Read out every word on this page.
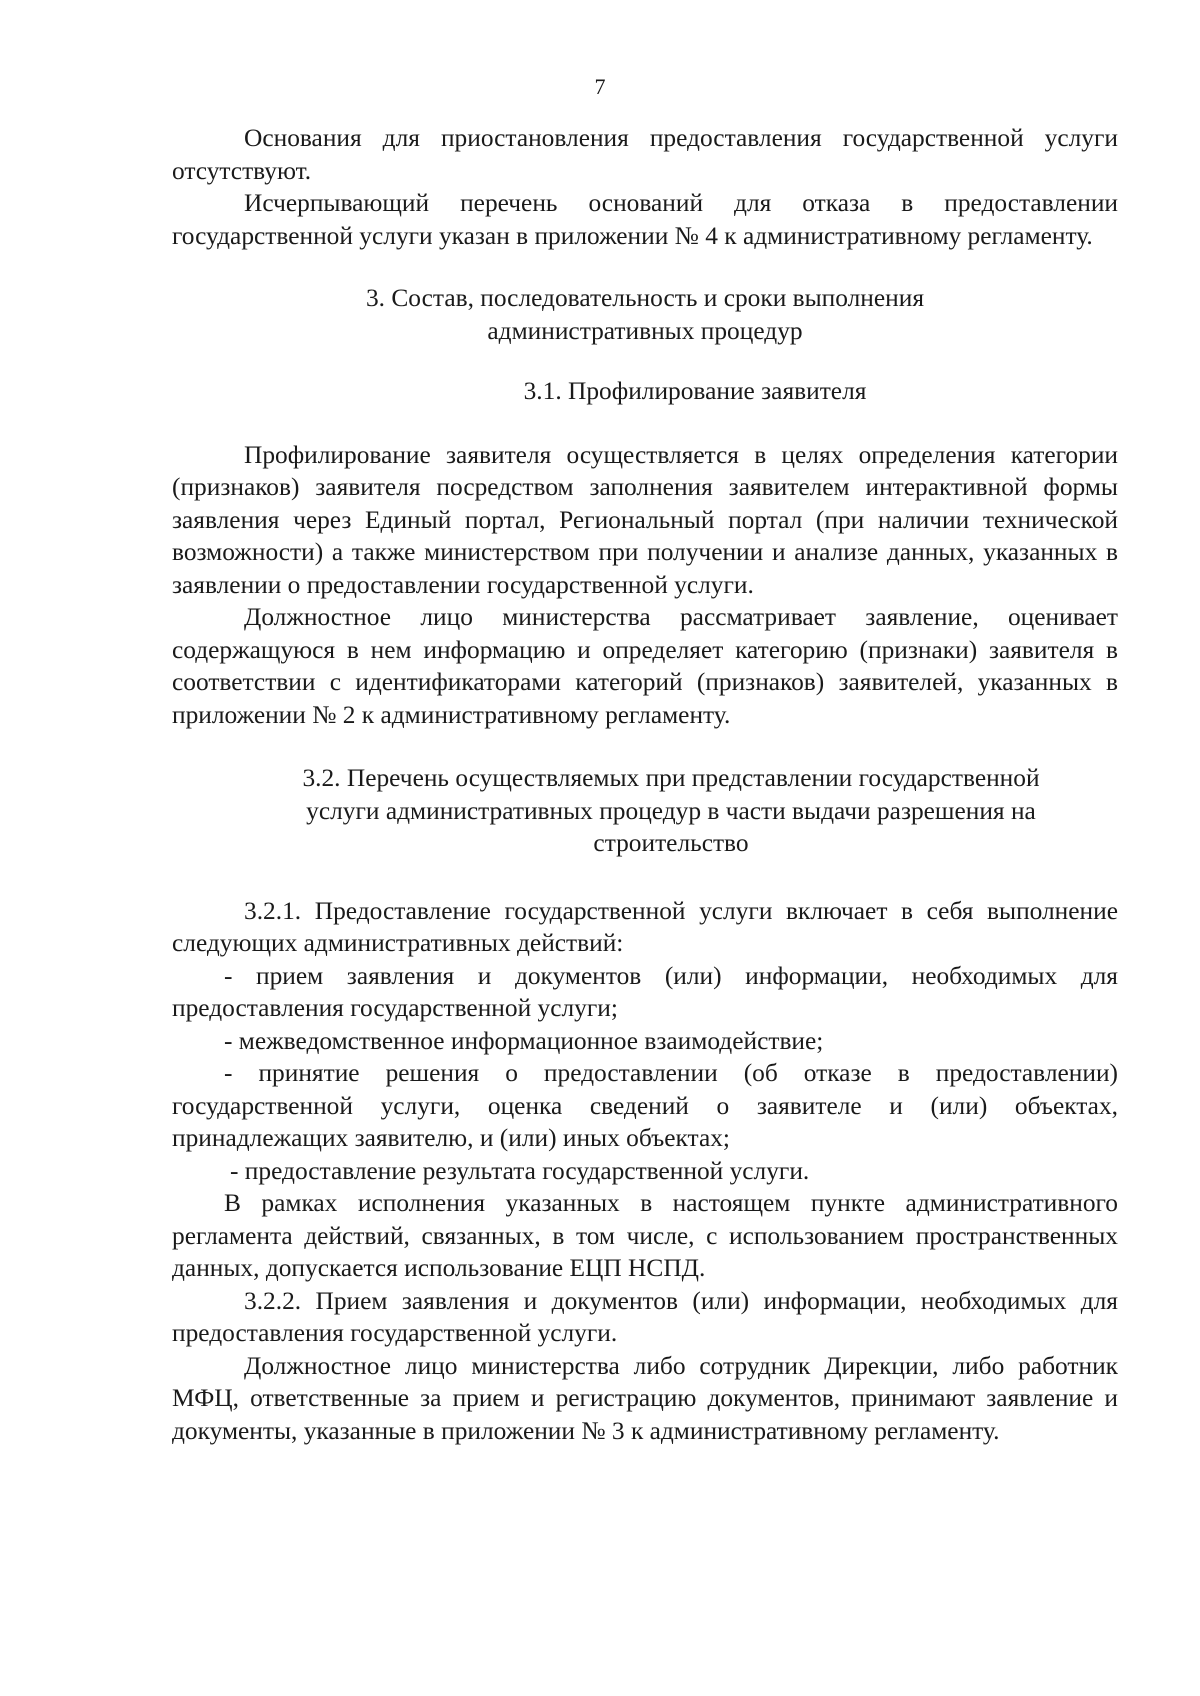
7

Основания для приостановления предоставления государственной услуги отсутствуют.

Исчерпывающий перечень оснований для отказа в предоставлении государственной услуги указан в приложении № 4 к административному регламенту.

3. Состав, последовательность и сроки выполнения

административных процедур

3.1. Профилирование заявителя

Профилирование заявителя осуществляется в целях определения категории (признаков) заявителя посредством заполнения заявителем интерактивной формы заявления через Единый портал, Региональный портал (при наличии технической возможности) а также министерством при получении и анализе данных, указанных в заявлении о предоставлении государственной услуги.

Должностное лицо министерства рассматривает заявление, оценивает содержащуюся в нем информацию и определяет категорию (признаки) заявителя в соответствии с идентификаторами категорий (признаков) заявителей, указанных в приложении № 2 к административному регламенту.

3.2. Перечень осуществляемых при представлении государственной

услуги административных процедур в части выдачи разрешения на

строительство

3.2.1. Предоставление государственной услуги включает в себя выполнение следующих административных действий:

- прием заявления и документов (или) информации, необходимых для предоставления государственной услуги;

- межведомственное информационное взаимодействие;

- принятие решения о предоставлении (об отказе в предоставлении) государственной услуги, оценка сведений о заявителе и (или) объектах, принадлежащих заявителю, и (или) иных объектах;

- предоставление результата государственной услуги.

В рамках исполнения указанных в настоящем пункте административного регламента действий, связанных, в том числе, с использованием пространственных данных, допускается использование ЕЦП НСПД.

3.2.2. Прием заявления и документов (или) информации, необходимых для предоставления государственной услуги.

Должностное лицо министерства либо сотрудник Дирекции, либо работник МФЦ, ответственные за прием и регистрацию документов, принимают заявление и документы, указанные в приложении № 3 к административному регламенту.
